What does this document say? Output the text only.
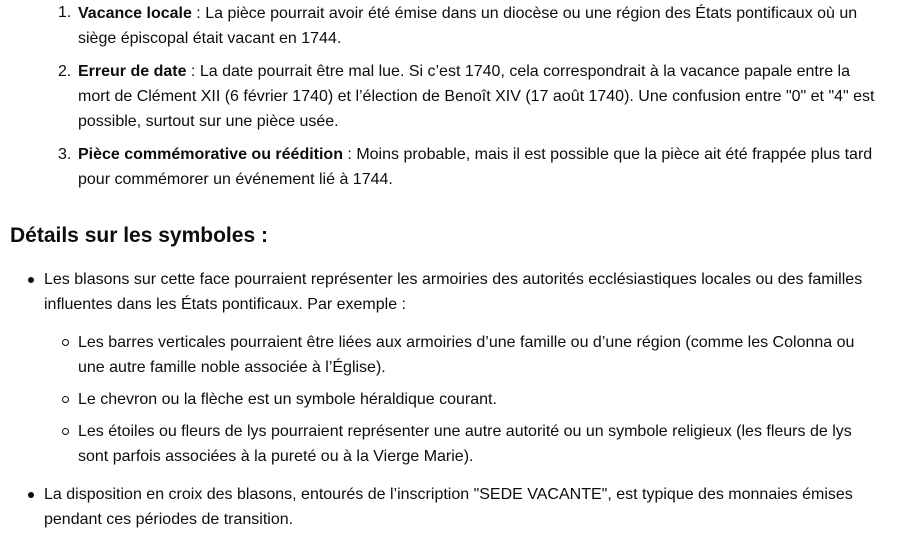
1. Vacance locale : La pièce pourrait avoir été émise dans un diocèse ou une région des États pontificaux où un siège épiscopal était vacant en 1744.
2. Erreur de date : La date pourrait être mal lue. Si c’est 1740, cela correspondrait à la vacance papale entre la mort de Clément XII (6 février 1740) et l’élection de Benoît XIV (17 août 1740). Une confusion entre "0" et "4" est possible, surtout sur une pièce usée.
3. Pièce commémorative ou réédition : Moins probable, mais il est possible que la pièce ait été frappée plus tard pour commémorer un événement lié à 1744.
Détails sur les symboles :
Les blasons sur cette face pourraient représenter les armoiries des autorités ecclésiastiques locales ou des familles influentes dans les États pontificaux. Par exemple :
Les barres verticales pourraient être liées aux armoiries d’une famille ou d’une région (comme les Colonna ou une autre famille noble associée à l’Église).
Le chevron ou la flèche est un symbole héraldique courant.
Les étoiles ou fleurs de lys pourraient représenter une autre autorité ou un symbole religieux (les fleurs de lys sont parfois associées à la pureté ou à la Vierge Marie).
La disposition en croix des blasons, entourés de l’inscription "SEDE VACANTE", est typique des monnaies émises pendant ces périodes de transition.
